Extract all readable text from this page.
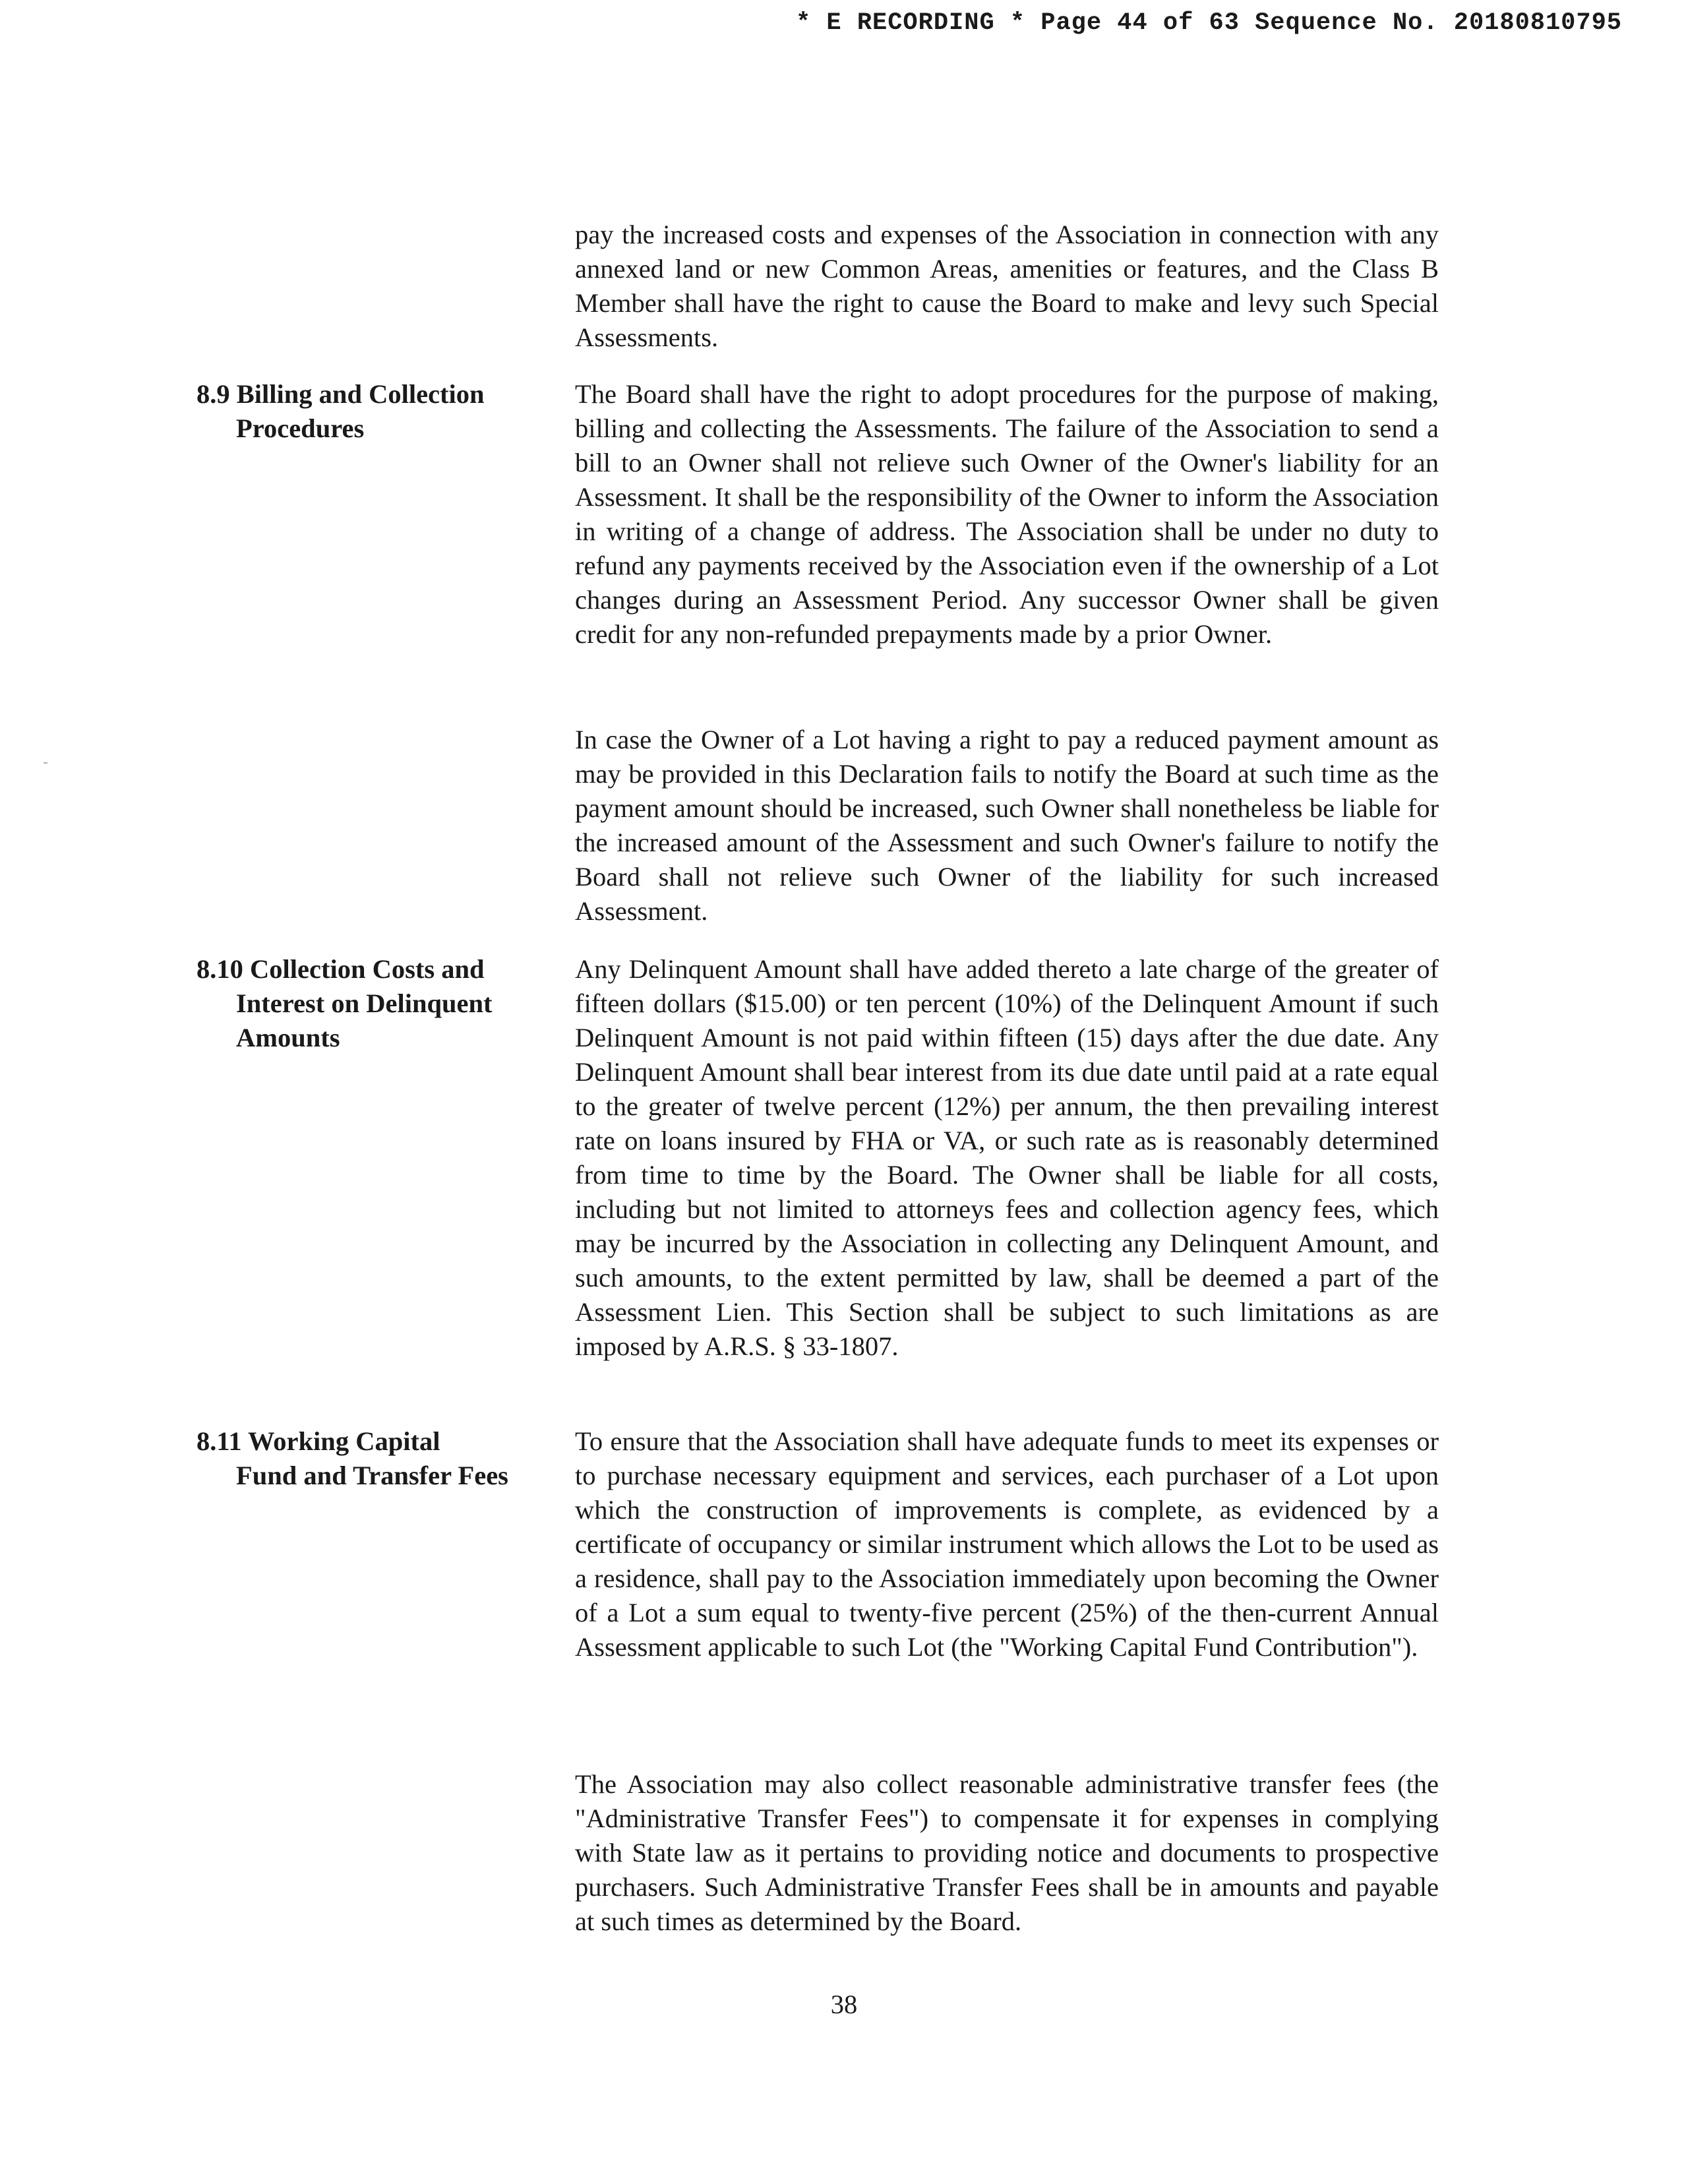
* E RECORDING * Page 44 of 63 Sequence No. 20180810795

pay the increased costs and expenses of the Association in connection with any annexed land or new Common Areas, amenities or features, and the Class B Member shall have the right to cause the Board to make and levy such Special Assessments.

8.9 Billing and Collection
Procedures

The Board shall have the right to adopt procedures for the purpose of making, billing and collecting the Assessments. The failure of the Association to send a bill to an Owner shall not relieve such Owner of the Owner's liability for an Assessment. It shall be the responsibility of the Owner to inform the Association in writing of a change of address. The Association shall be under no duty to refund any payments received by the Association even if the ownership of a Lot changes during an Assessment Period. Any successor Owner shall be given credit for any non-refunded prepayments made by a prior Owner.

In case the Owner of a Lot having a right to pay a reduced payment amount as may be provided in this Declaration fails to notify the Board at such time as the payment amount should be increased, such Owner shall nonetheless be liable for the increased amount of the Assessment and such Owner's failure to notify the Board shall not relieve such Owner of the liability for such increased Assessment.

8.10 Collection Costs and
Interest on Delinquent
Amounts

Any Delinquent Amount shall have added thereto a late charge of the greater of fifteen dollars ($15.00) or ten percent (10%) of the Delinquent Amount if such Delinquent Amount is not paid within fifteen (15) days after the due date. Any Delinquent Amount shall bear interest from its due date until paid at a rate equal to the greater of twelve percent (12%) per annum, the then prevailing interest rate on loans insured by FHA or VA, or such rate as is reasonably determined from time to time by the Board. The Owner shall be liable for all costs, including but not limited to attorneys fees and collection agency fees, which may be incurred by the Association in collecting any Delinquent Amount, and such amounts, to the extent permitted by law, shall be deemed a part of the Assessment Lien. This Section shall be subject to such limitations as are imposed by A.R.S. § 33-1807.

8.11 Working Capital
Fund and Transfer Fees

To ensure that the Association shall have adequate funds to meet its expenses or to purchase necessary equipment and services, each purchaser of a Lot upon which the construction of improvements is complete, as evidenced by a certificate of occupancy or similar instrument which allows the Lot to be used as a residence, shall pay to the Association immediately upon becoming the Owner of a Lot a sum equal to twenty-five percent (25%) of the then-current Annual Assessment applicable to such Lot (the "Working Capital Fund Contribution").

The Association may also collect reasonable administrative transfer fees (the "Administrative Transfer Fees") to compensate it for expenses in complying with State law as it pertains to providing notice and documents to prospective purchasers. Such Administrative Transfer Fees shall be in amounts and payable at such times as determined by the Board.

38
